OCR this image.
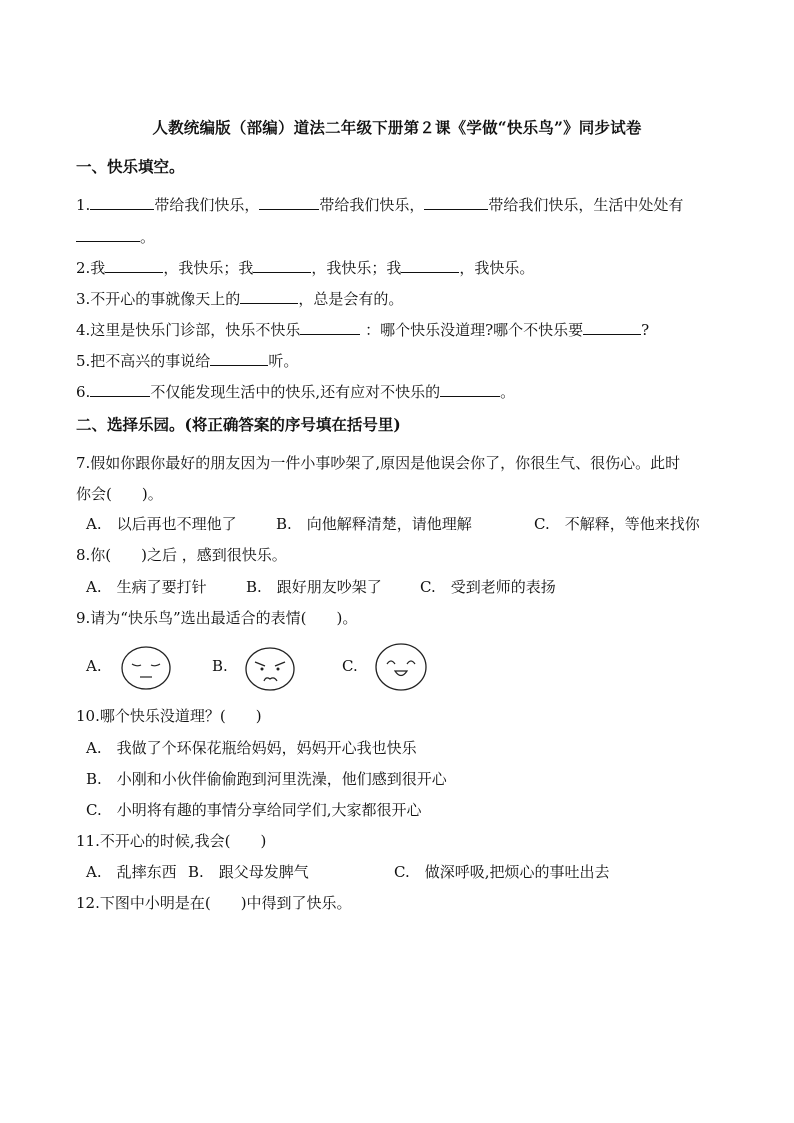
人教统编版（部编）道法二年级下册第２课《学做“快乐鸟”》同步试卷
一、快乐填空。
1.	带给我们快乐，	带给我们快乐，	带给我们快乐，生活中处处有
。
2.我	，我快乐；我	，我快乐；我	，我快乐。
3.不开心的事就像天上的	，总是会有的。
4.这里是快乐门诊部，快乐不快乐	：哪个快乐没道理?哪个不快乐要	?
5.把不高兴的事说给	听。
6.	不仅能发现生活中的快乐,还有应对不快乐的	。
二、选择乐园。(将正确答案的序号填在括号里)
7.假如你跟你最好的朋友因为一件小事吵架了,原因是他误会你了，你很生气、很伤心。此时
你会(　　)。
A.　以后再也不理他了	B.　向他解释清楚，请他理解	C.　不解释，等他来找你
8.你(　　)之后 ，感到很快乐。
A.　生病了要打针	B.　跟好朋友吵架了	C.　受到老师的表扬
9.请为“快乐鸟”选出最适合的表情(　　)。
A.	B.	C.
10.哪个快乐没道理？(　　)
A.　我做了个环保花瓶给妈妈，妈妈开心我也快乐
B.　小刚和小伙伴偷偷跑到河里洗澡，他们感到很开心
C.　小明将有趣的事情分享给同学们,大家都很开心
11.不开心的时候,我会(　　)
A.　乱摔东西 B.　跟父母发脾气	C.　做深呼吸,把烦心的事吐出去
12.下图中小明是在(　　)中得到了快乐。
